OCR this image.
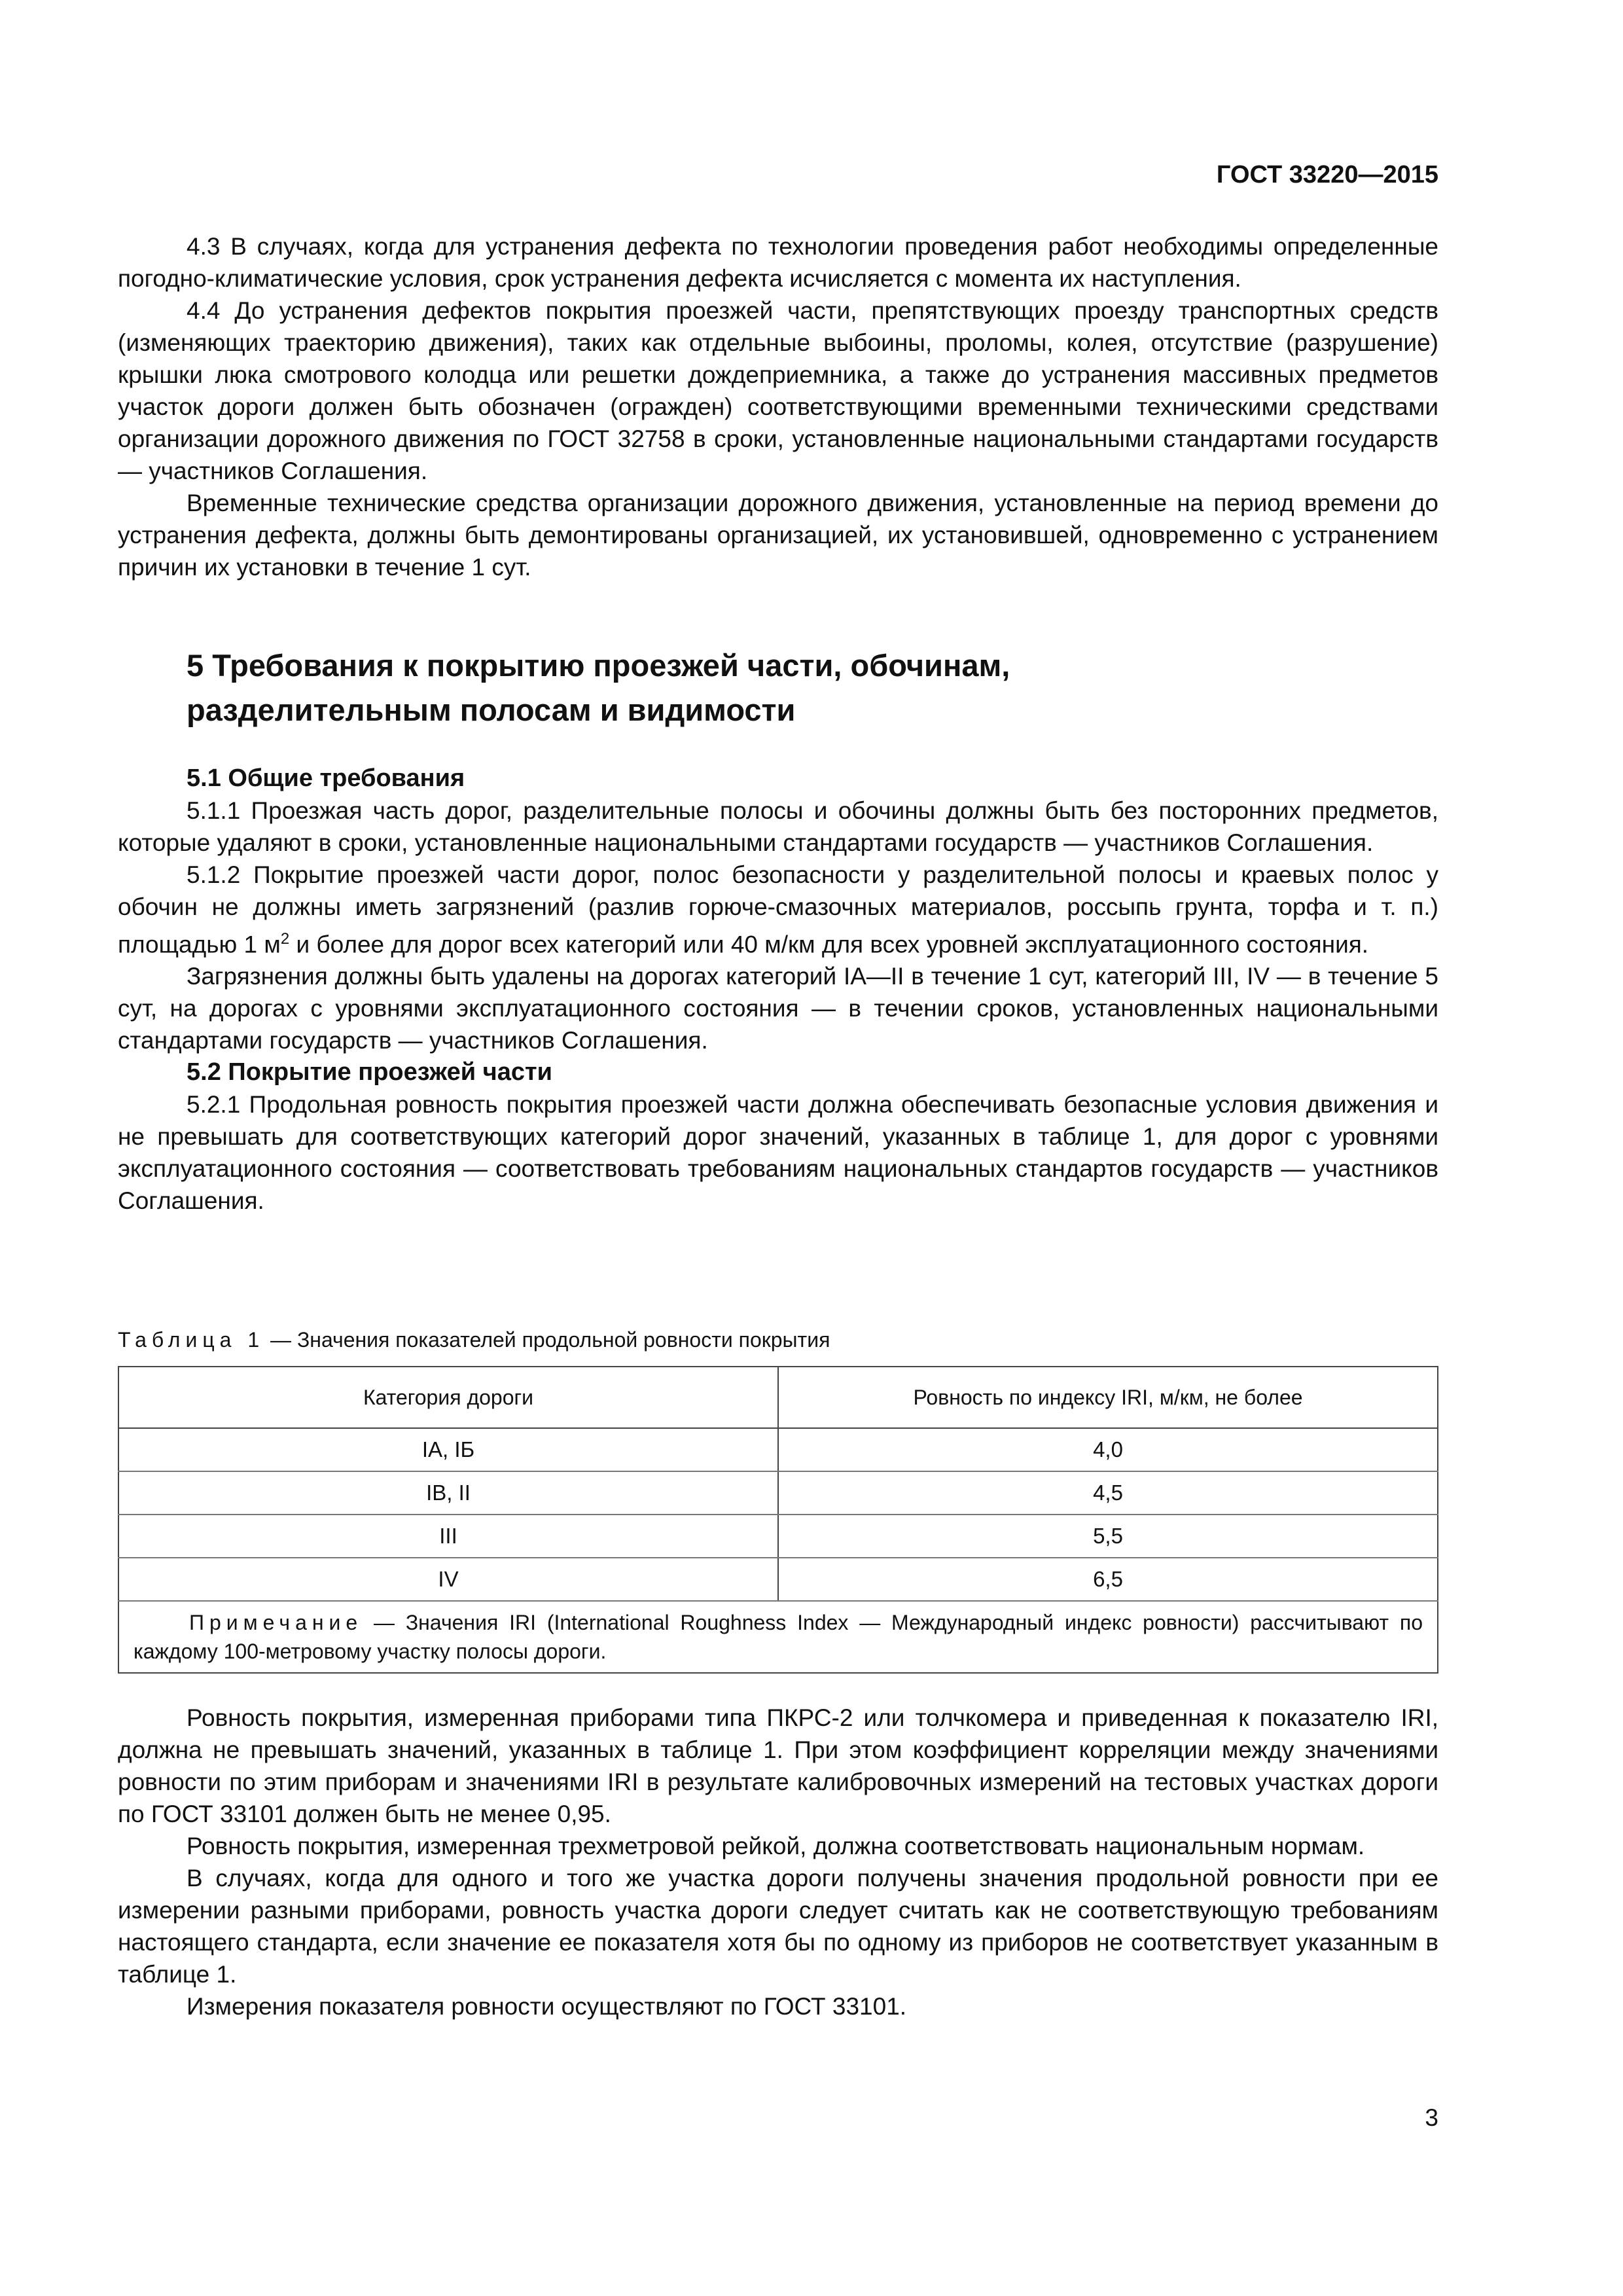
ГОСТ 33220—2015

4.3 В случаях, когда для устранения дефекта по технологии проведения работ необходимы определенные погодно-климатические условия, срок устранения дефекта исчисляется с момента их наступления.

4.4 До устранения дефектов покрытия проезжей части, препятствующих проезду транспортных средств (изменяющих траекторию движения), таких как отдельные выбоины, проломы, колея, отсутствие (разрушение) крышки люка смотрового колодца или решетки дождеприемника, а также до устранения массивных предметов участок дороги должен быть обозначен (огражден) соответствующими временными техническими средствами организации дорожного движения по ГОСТ 32758 в сроки, установленные национальными стандартами государств — участников Соглашения.

Временные технические средства организации дорожного движения, установленные на период времени до устранения дефекта, должны быть демонтированы организацией, их установившей, одновременно с устранением причин их установки в течение 1 сут.

5 Требования к покрытию проезжей части, обочинам,

разделительным полосам и видимости

5.1 Общие требования

5.1.1 Проезжая часть дорог, разделительные полосы и обочины должны быть без посторонних предметов, которые удаляют в сроки, установленные национальными стандартами государств — участников Соглашения.

5.1.2 Покрытие проезжей части дорог, полос безопасности у разделительной полосы и краевых полос у обочин не должны иметь загрязнений (разлив горюче-смазочных материалов, россыпь грунта, торфа и т. п.) площадью 1 $м^2$ и более для дорог всех категорий или 40 м/км для всех уровней эксплуатационного состояния.

Загрязнения должны быть удалены на дорогах категорий IA—II в течение 1 сут, категорий III, IV — в течение 5 сут, на дорогах с уровнями эксплуатационного состояния — в течении сроков, установленных национальными стандартами государств — участников Соглашения.

5.2 Покрытие проезжей части

5.2.1 Продольная ровность покрытия проезжей части должна обеспечивать безопасные условия движения и не превышать для соответствующих категорий дорог значений, указанных в таблице 1, для дорог с уровнями эксплуатационного состояния — соответствовать требованиям национальных стандартов государств — участников Соглашения.

Таблица 1 — Значения показателей продольной ровности покрытия

Категория дороги	Ровность по индексу IRI, м/км, не более
IA, IБ	4,0
IB, II	4,5
III	5,5
IV	6,5
Примечание — Значения IRI (International Roughness Index — Международный индекс ровности) рассчитывают по каждому 100-метровому участку полосы дороги.	

Ровность покрытия, измеренная приборами типа ПКРС-2 или толчкомера и приведенная к показателю IRI, должна не превышать значений, указанных в таблице 1. При этом коэффициент корреляции между значениями ровности по этим приборам и значениями IRI в результате калибровочных измерений на тестовых участках дороги по ГОСТ 33101 должен быть не менее 0,95.

Ровность покрытия, измеренная трехметровой рейкой, должна соответствовать национальным нормам.

В случаях, когда для одного и того же участка дороги получены значения продольной ровности при ее измерении разными приборами, ровность участка дороги следует считать как не соответствующую требованиям настоящего стандарта, если значение ее показателя хотя бы по одному из приборов не соответствует указанным в таблице 1.

Измерения показателя ровности осуществляют по ГОСТ 33101.

3
